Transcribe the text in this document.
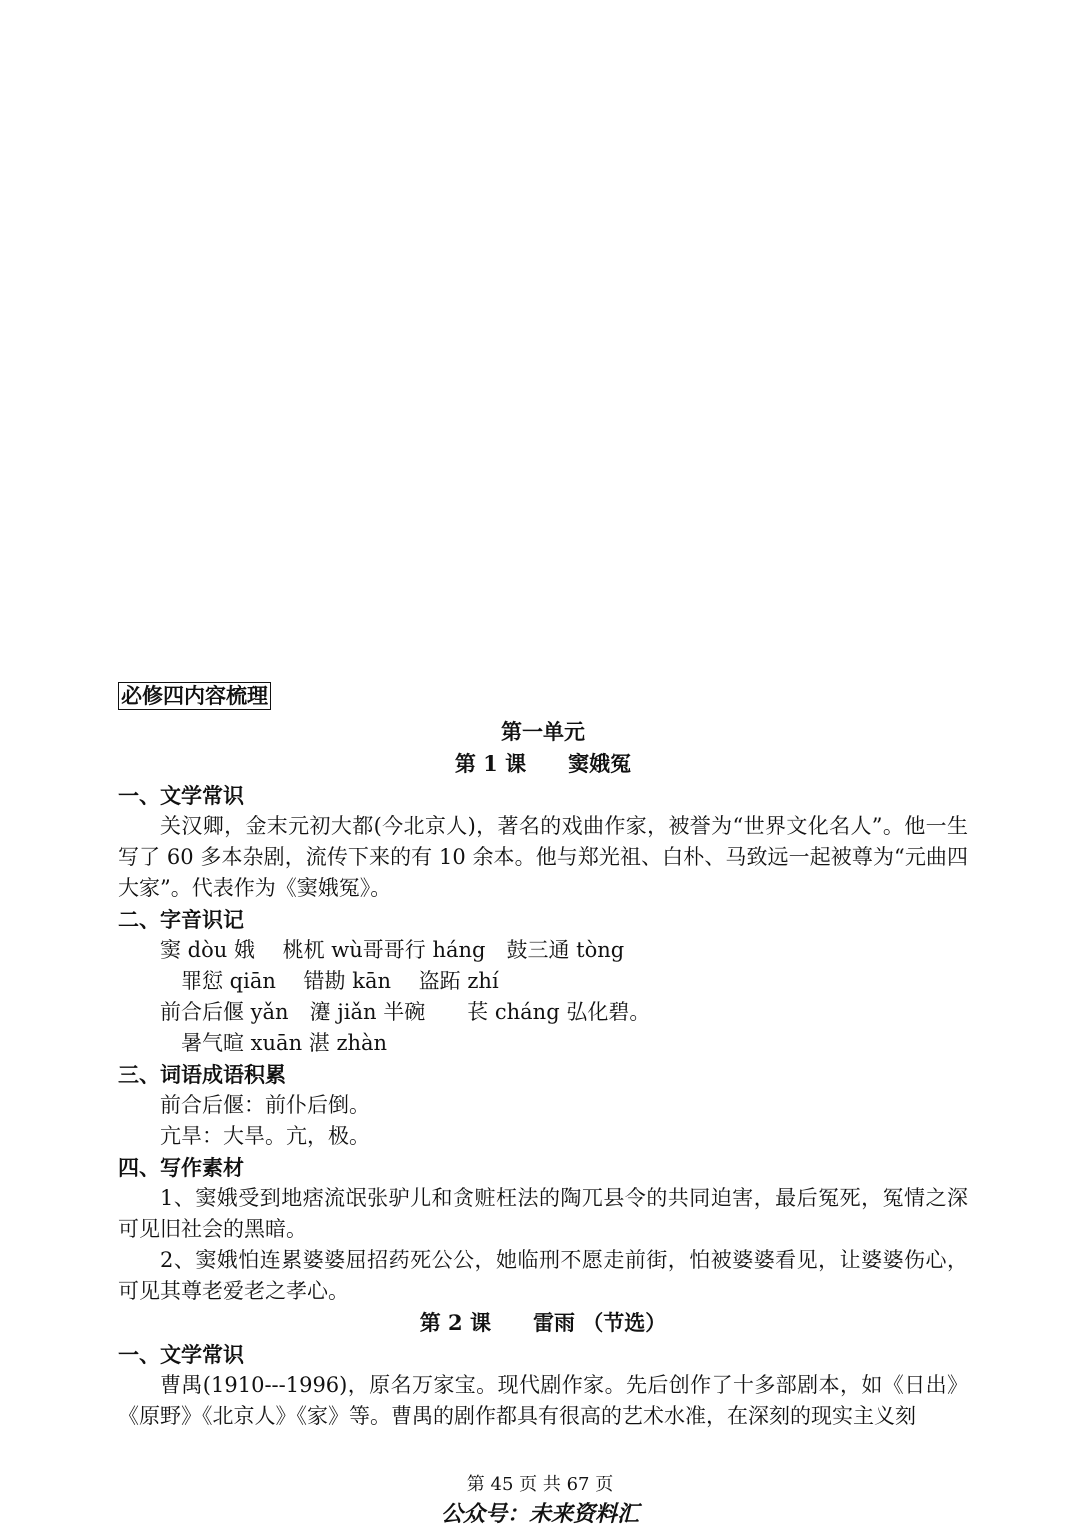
必修四内容梳理
第一单元
第 1 课　　窦娥冤
一、文学常识
关汉卿，金末元初大都(今北京人)，著名的戏曲作家，被誉为“世界文化名人”。他一生写了 60 多本杂剧，流传下来的有 10 余本。他与郑光祖、白朴、马致远一起被尊为“元曲四大家”。代表作为《窦娥冤》。
二、字音识记
窦 dòu 娥　 桃杌 wù哥哥行 háng　鼓三通 tòng
　罪愆 qiān　 错勘 kān　 盗跖 zhí
前合后偃 yǎn　瀽 jiǎn 半碗　　苌 cháng 弘化碧。
　暑气暄 xuān 湛 zhàn
三、词语成语积累
前合后偃：前仆后倒。
亢旱：大旱。亢，极。
四、写作素材
1、窦娥受到地痞流氓张驴儿和贪赃枉法的陶兀县令的共同迫害，最后冤死，冤情之深可见旧社会的黑暗。
2、窦娥怕连累婆婆屈招药死公公，她临刑不愿走前街，怕被婆婆看见，让婆婆伤心，可见其尊老爱老之孝心。
第 2 课　　雷雨 （节选）
一、文学常识
曹禺(1910---1996)，原名万家宝。现代剧作家。先后创作了十多部剧本，如《日出》《原野》《北京人》《家》等。曹禺的剧作都具有很高的艺术水准，在深刻的现实主义刻
第 45 页 共 67 页
公众号：未来资料汇
